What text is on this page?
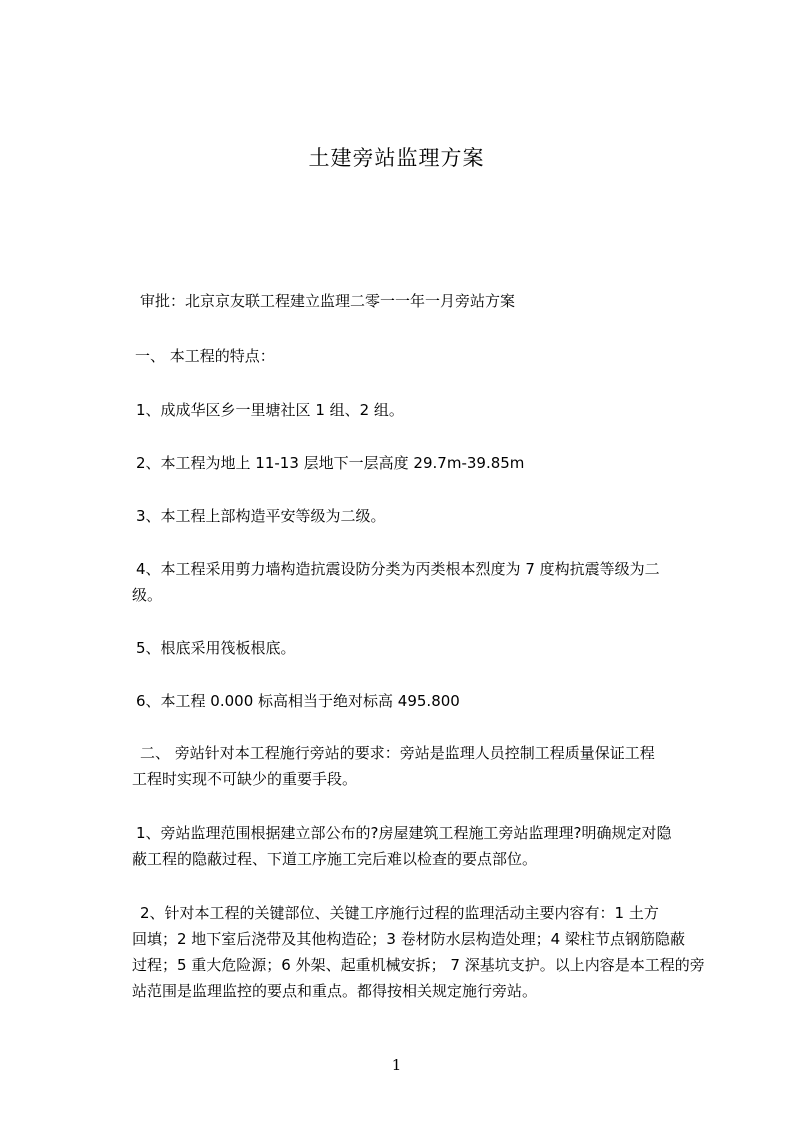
土建旁站监理方案
审批：北京京友联工程建立监理二零一一年一月旁站方案
一、 本工程的特点：
1、成成华区乡一里塘社区 1 组、2 组。
2、本工程为地上 11-13 层地下一层高度 29.7m-39.85m
3、本工程上部构造平安等级为二级。
4、本工程采用剪力墙构造抗震设防分类为丙类根本烈度为 7 度构抗震等级为二
级。
5、根底采用筏板根底。
6、本工程 0.000 标高相当于绝对标高 495.800
二、 旁站针对本工程施行旁站的要求：旁站是监理人员控制工程质量保证工程
工程时实现不可缺少的重要手段。
1、旁站监理范围根据建立部公布的?房屋建筑工程施工旁站监理理?明确规定对隐
蔽工程的隐蔽过程、下道工序施工完后难以检查的要点部位。
2、针对本工程的关键部位、关键工序施行过程的监理活动主要内容有：1 土方
回填；2 地下室后浇带及其他构造砼；3 卷材防水层构造处理；4 梁柱节点钢筋隐蔽
过程；5 重大危险源；6 外架、起重机械安拆； 7 深基坑支护。以上内容是本工程的旁
站范围是监理监控的要点和重点。都得按相关规定施行旁站。
1
